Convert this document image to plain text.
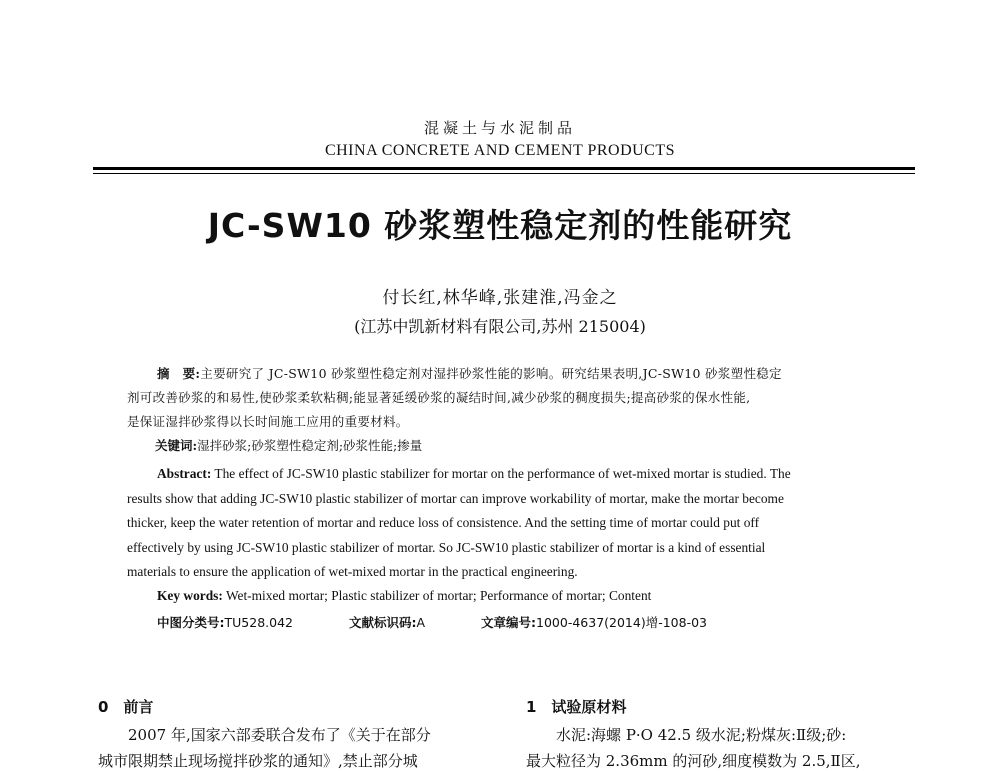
混凝土与水泥制品
CHINA CONCRETE AND CEMENT PRODUCTS
JC-SW10 砂浆塑性稳定剂的性能研究
付长红,林华峰,张建淮,冯金之
(江苏中凯新材料有限公司,苏州 215004)
摘　要:主要研究了 JC-SW10 砂浆塑性稳定剂对湿拌砂浆性能的影响。研究结果表明,JC-SW10 砂浆塑性稳定
剂可改善砂浆的和易性,使砂浆柔软粘稠;能显著延缓砂浆的凝结时间,减少砂浆的稠度损失;提高砂浆的保水性能,
是保证湿拌砂浆得以长时间施工应用的重要材料。
关键词:湿拌砂浆;砂浆塑性稳定剂;砂浆性能;掺量
Abstract: The effect of JC-SW10 plastic stabilizer for mortar on the performance of wet-mixed mortar is studied. The
results show that adding JC-SW10 plastic stabilizer of mortar can improve workability of mortar, make the mortar become
thicker, keep the water retention of mortar and reduce loss of consistence. And the setting time of mortar could put off
effectively by using JC-SW10 plastic stabilizer of mortar. So JC-SW10 plastic stabilizer of mortar is a kind of essential
materials to ensure the application of wet-mixed mortar in the practical engineering.
Key words: Wet-mixed mortar; Plastic stabilizer of mortar; Performance of mortar; Content
中图分类号:TU528.042	文献标识码:A	文章编号:1000-4637(2014)增-108-03
0　前言
2007 年,国家六部委联合发布了《关于在部分
城市限期禁止现场搅拌砂浆的通知》,禁止部分城
1　试验原材料
水泥:海螺 P·O 42.5 级水泥;粉煤灰:Ⅱ级;砂:
最大粒径为 2.36mm 的河砂,细度模数为 2.5,Ⅱ区,
